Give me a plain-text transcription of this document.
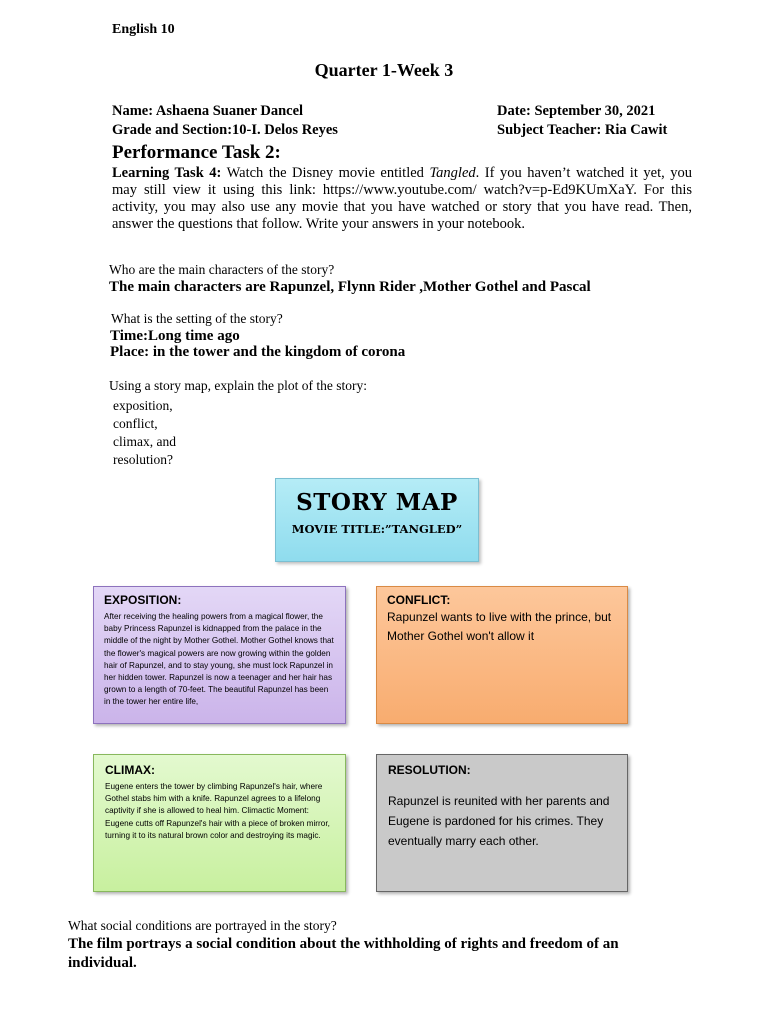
English 10
Quarter 1-Week 3
Name: Ashaena Suaner Dancel
Grade and Section:10-I. Delos Reyes
Date: September 30, 2021
Subject Teacher: Ria Cawit
Performance Task 2:
Learning Task 4: Watch the Disney movie entitled Tangled. If you haven’t watched it yet, you may still view it using this link: https://www.youtube.com/ watch?v=p-Ed9KUmXaY. For this activity, you may also use any movie that you have watched or story that you have read. Then, answer the questions that follow. Write your answers in your notebook.
Who are the main characters of the story?
The main characters are Rapunzel, Flynn Rider ,Mother Gothel and Pascal
What is the setting of the story?
Time:Long time ago
Place: in the tower and the kingdom of corona
Using a story map, explain the plot of the story:
exposition,
conflict,
climax, and
resolution?
STORY MAP
MOVIE TITLE:”TANGLED”
EXPOSITION:
After receiving the healing powers from a magical flower, the baby Princess Rapunzel is kidnapped from the palace in the middle of the night by Mother Gothel. Mother Gothel knows that the flower's magical powers are now growing within the golden hair of Rapunzel, and to stay young, she must lock Rapunzel in her hidden tower. Rapunzel is now a teenager and her hair has grown to a length of 70-feet. The beautiful Rapunzel has been in the tower her entire life,
CONFLICT:
Rapunzel wants to live with the prince, but Mother Gothel won't allow it
CLIMAX:
Eugene enters the tower by climbing Rapunzel's hair, where Gothel stabs him with a knife. Rapunzel agrees to a lifelong captivity if she is allowed to heal him. Climactic Moment: Eugene cutts off Rapunzel's hair with a piece of broken mirror, turning it to its natural brown color and destroying its magic.
RESOLUTION:
Rapunzel is reunited with her parents and Eugene is pardoned for his crimes. They eventually marry each other.
What social conditions are portrayed in the story?
The film portrays a social condition about the withholding of rights and freedom of an individual.
